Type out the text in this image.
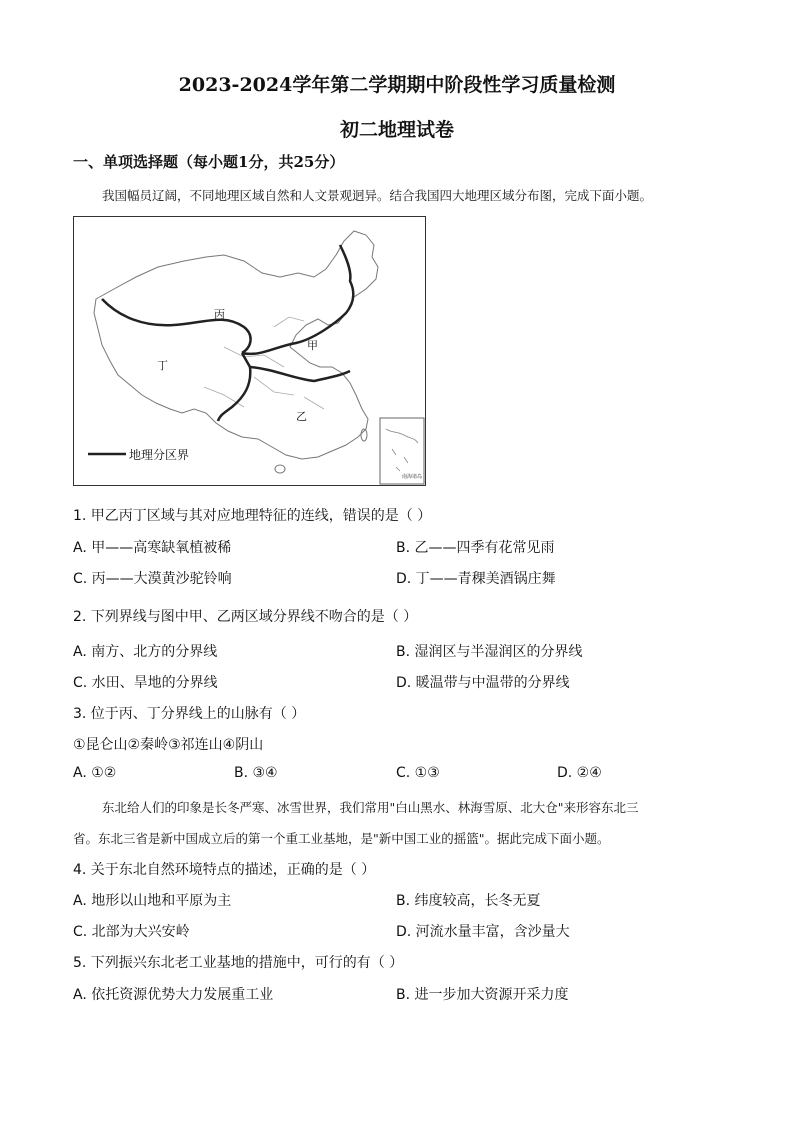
2023-2024学年第二学期期中阶段性学习质量检测
初二地理试卷
一、单项选择题（每小题1分，共25分）
我国幅员辽阔，不同地理区域自然和人文景观迥异。结合我国四大地理区域分布图，完成下面小题。
丙
甲
丁
乙
地理分区界
南海诸岛
1. 甲乙丙丁区域与其对应地理特征的连线，错误的是（ ）
A. 甲——高寒缺氧植被稀	B. 乙——四季有花常见雨
C. 丙——大漠黄沙驼铃响	D. 丁——青稞美酒锅庄舞
2. 下列界线与图中甲、乙两区域分界线不吻合的是（ ）
A. 南方、北方的分界线	B. 湿润区与半湿润区的分界线
C. 水田、旱地的分界线	D. 暖温带与中温带的分界线
3. 位于丙、丁分界线上的山脉有（ ）
①昆仑山②秦岭③祁连山④阴山
A. ①②	B. ③④	C. ①③	D. ②④
东北给人们的印象是长冬严寒、冰雪世界，我们常用"白山黑水、林海雪原、北大仓"来形容东北三
省。东北三省是新中国成立后的第一个重工业基地，是"新中国工业的摇篮"。据此完成下面小题。
4. 关于东北自然环境特点的描述，正确的是（ ）
A. 地形以山地和平原为主	B. 纬度较高，长冬无夏
C. 北部为大兴安岭	D. 河流水量丰富，含沙量大
5. 下列振兴东北老工业基地的措施中，可行的有（ ）
A. 依托资源优势大力发展重工业	B. 进一步加大资源开采力度
